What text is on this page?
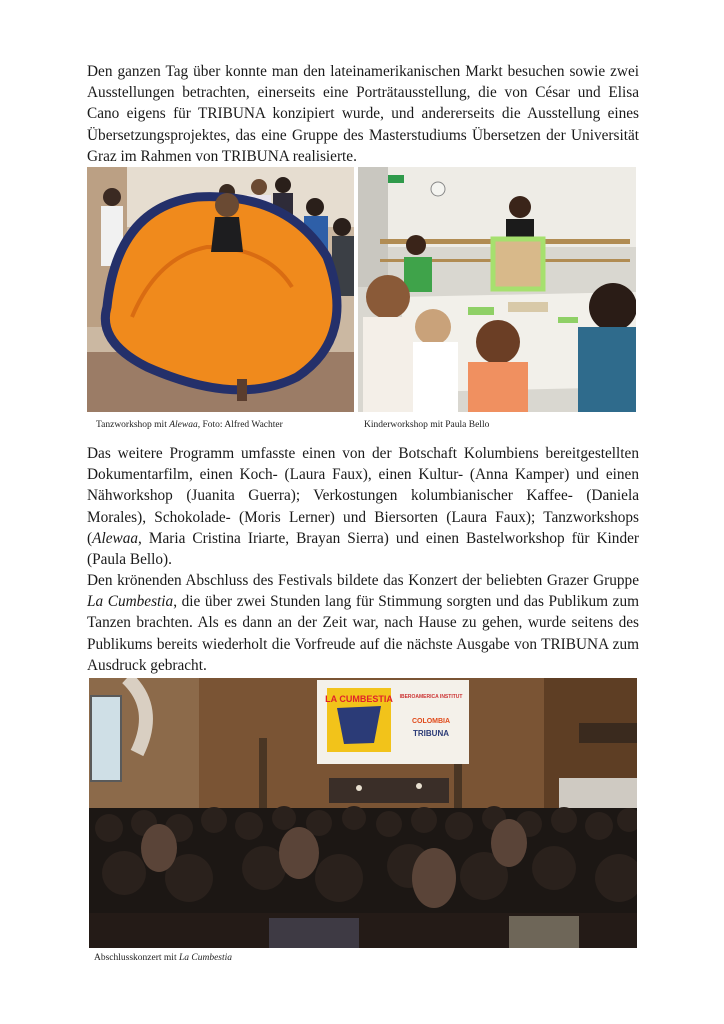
Den ganzen Tag über konnte man den lateinamerikanischen Markt besuchen sowie zwei Ausstellungen betrachten, einerseits eine Porträtausstellung, die von César und Elisa Cano eigens für TRIBUNA konzipiert wurde, und andererseits die Ausstellung eines Übersetzungsprojektes, das eine Gruppe des Masterstudiums Übersetzen der Universität Graz im Rahmen von TRIBUNA realisierte.

Tanzworkshop mit Alewaa, Foto: Alfred Wachter	Kinderworkshop mit Paula Bello

Das weitere Programm umfasste einen von der Botschaft Kolumbiens bereitgestellten Dokumentarfilm, einen Koch- (Laura Faux), einen Kultur- (Anna Kamper) und einen Nähworkshop (Juanita Guerra); Verkostungen kolumbianischer Kaffee- (Daniela Morales), Schokolade- (Moris Lerner) und Biersorten (Laura Faux); Tanzworkshops (Alewaa, Maria Cristina Iriarte, Brayan Sierra) und einen Bastelworkshop für Kinder (Paula Bello).

Den krönenden Abschluss des Festivals bildete das Konzert der beliebten Grazer Gruppe La Cumbestia, die über zwei Stunden lang für Stimmung sorgten und das Publikum zum Tanzen brachten. Als es dann an der Zeit war, nach Hause zu gehen, wurde seitens des Publikums bereits wiederholt die Vorfreude auf die nächste Ausgabe von TRIBUNA zum Ausdruck gebracht.

LA CUMBESTIA IBEROAMERICA INSTITUT
COLOMBIA
TRIBUNA
Abschlusskonzert mit La Cumbestia
